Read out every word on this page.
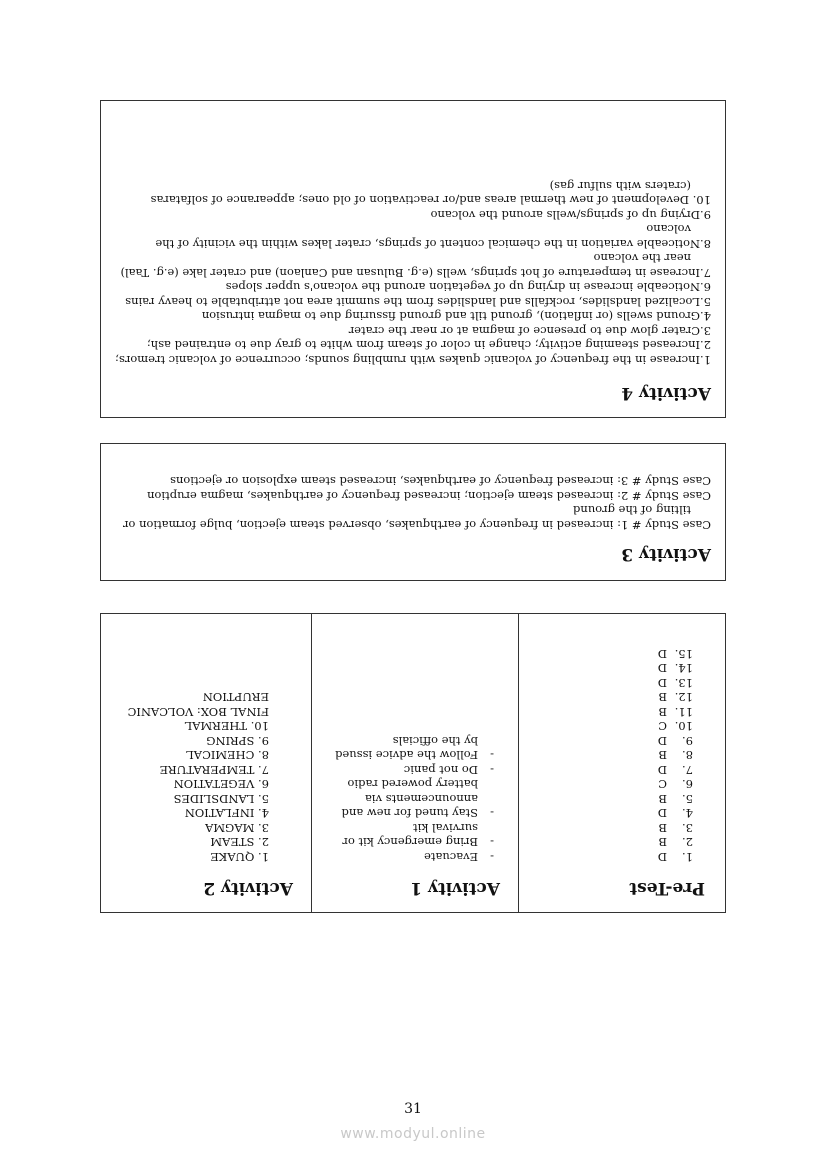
Pre-Test
1.D
2.B
3.B
4.D
5.B
6.C
7.D
8.B
9.D
10.C
11.B
12.B
13.D
14.D
15.D
Activity 1
-
Evacuate
-
Bring emergency kit or survival kit
-
Stay tuned for new and announcements via battery powered radio
-
Do not panic
-
Follow the advice issued by the officials
Activity 2
1. QUAKE
2. STEAM
3. MAGMA
4. INFLATION
5. LANDSLIDES
6. VEGETATION
7. TEMPERATURE
8. CHEMICAL
9. SPRING
10. THERMAL
FINAL BOX: VOLCANIC
ERUPTION
Activity 3

Case Study # 1: increased in frequency of earthquakes, observed steam ejection, bulge formation or tilting of the ground

Case Study # 2: increased steam ejection; increased frequency of earthquakes, magma eruption

Case Study # 3: increased frequency of earthquakes, increased steam explosion or ejections

Activity 4

1.Increase in the frequency of volcanic quakes with rumbling sounds; occurrence of volcanic tremors;

2.Increased steaming activity; change in color of steam from white to gray due to entrained ash;

3.Crater glow due to presence of magma at or near the crater

4.Ground swells (or inflation), ground tilt and ground fissuring due to magma intrusion

5.Localized landslides, rockfalls and landslides from the summit area not attributable to heavy rains

6.Noticeable increase in drying up of vegetation around the volcano's upper slopes

7.Increase in temperature of hot springs, wells (e.g. Bulusan and Canlaon) and crater lake (e.g. Taal) near the volcano

8.Noticeable variation in the chemical content of springs, crater lakes within the vicinity of the volcano

9.Drying up of springs/wells around the volcano

10. Development of new thermal areas and/or reactivation of old ones; appearance of solfataras (craters with sulfur gas)

31
www.modyul.online
